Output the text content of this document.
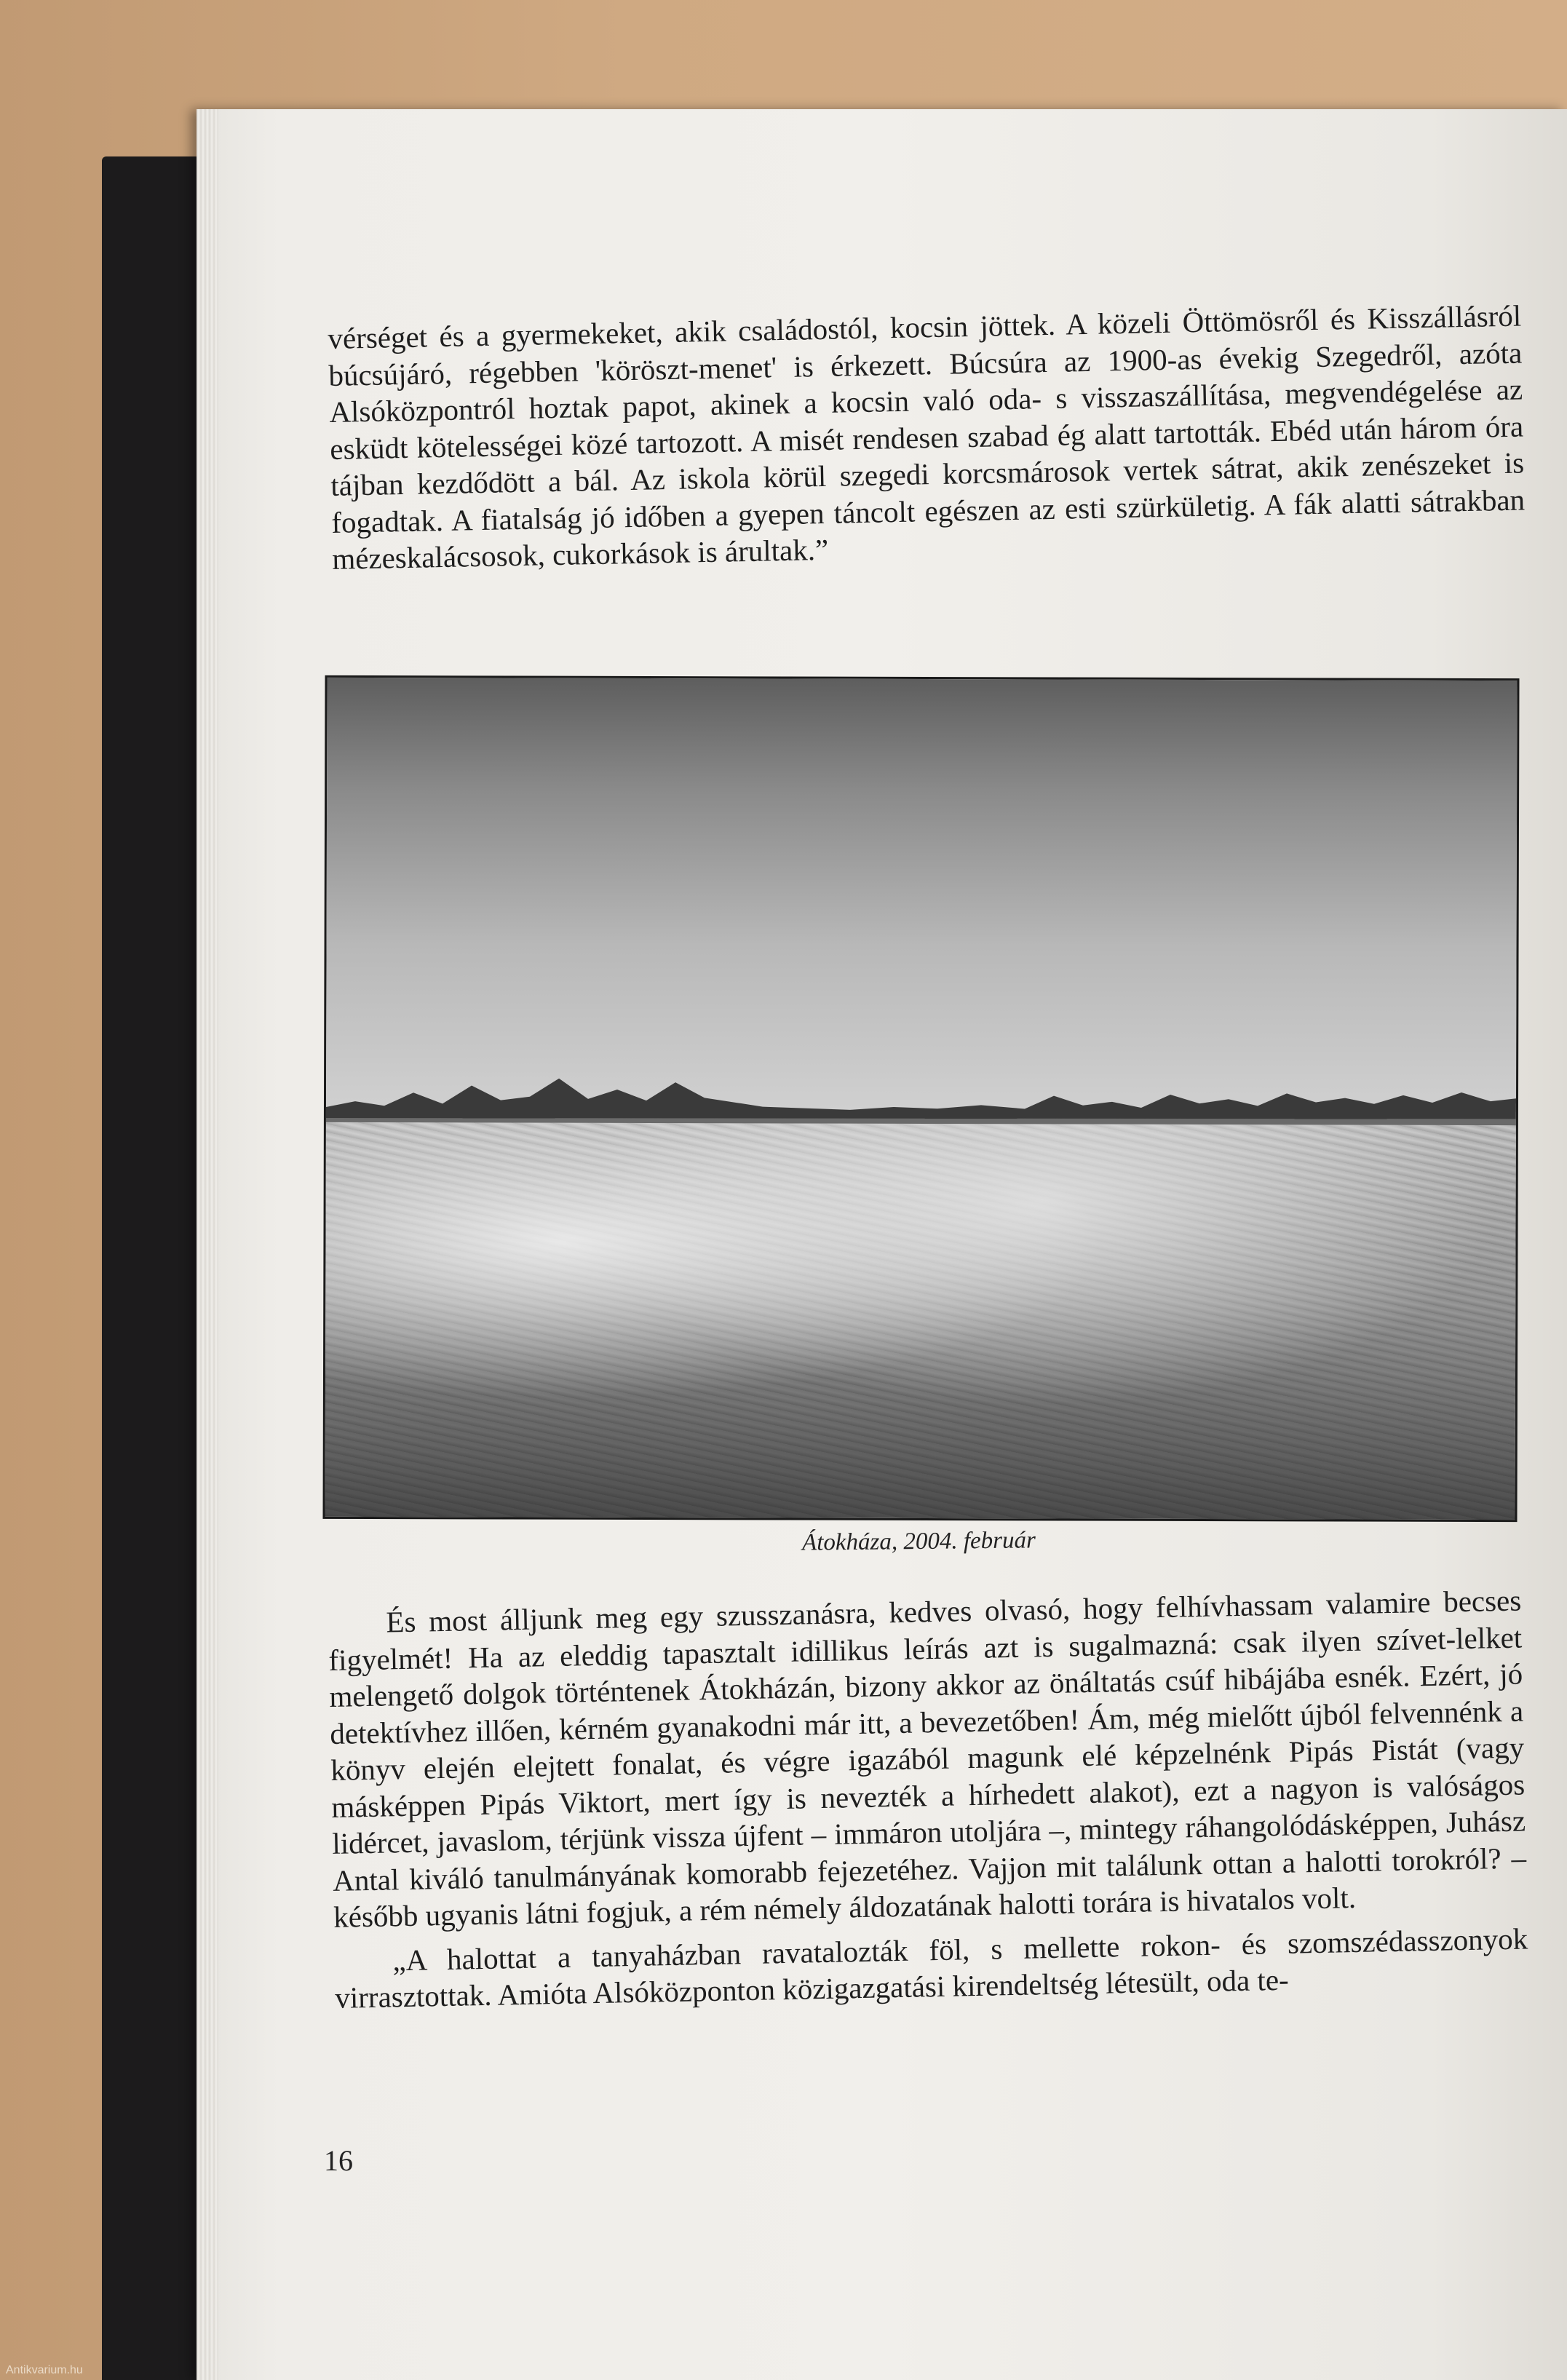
vérséget és a gyermekeket, akik családostól, kocsin jöttek. A közeli Öttömösről és Kisszállásról búcsújáró, régebben 'köröszt-menet' is érkezett. Búcsúra az 1900-as évekig Szegedről, azóta Alsóközpontról hoztak papot, akinek a kocsin való oda- s visszaszállítása, megvendégelése az esküdt kötelességei közé tartozott. A misét rendesen szabad ég alatt tartották. Ebéd után három óra tájban kezdődött a bál. Az iskola körül szegedi korcsmárosok vertek sátrat, akik zenészeket is fogadtak. A fiatalság jó időben a gyepen táncolt egészen az esti szürkületig. A fák alatti sátrakban mézeskalácsosok, cukorkások is árultak.”

Átokháza, 2004. február

És most álljunk meg egy szusszanásra, kedves olvasó, hogy felhívhassam valamire becses figyelmét! Ha az eleddig tapasztalt idillikus leírás azt is sugalmazná: csak ilyen szívet-lelket melengető dolgok történtenek Átokházán, bizony akkor az önáltatás csúf hibájába esnék. Ezért, jó detektívhez illően, kérném gyanakodni már itt, a bevezetőben! Ám, még mielőtt újból felvennénk a könyv elején elejtett fonalat, és végre igazából magunk elé képzelnénk Pipás Pistát (vagy másképpen Pipás Viktort, mert így is nevezték a hírhedett alakot), ezt a nagyon is valóságos lidércet, javaslom, térjünk vissza újfent – immáron utoljára –, mintegy ráhangolódásképpen, Juhász Antal kiváló tanulmányának komorabb fejezetéhez. Vajjon mit találunk ottan a halotti torokról? – később ugyanis látni fogjuk, a rém némely áldozatának halotti torára is hivatalos volt.

„A halottat a tanyaházban ravatalozták föl, s mellette rokon- és szomszédasszonyok virrasztottak. Amióta Alsóközponton közigazgatási kirendeltség létesült, oda te-

16
Antikvarium.hu
